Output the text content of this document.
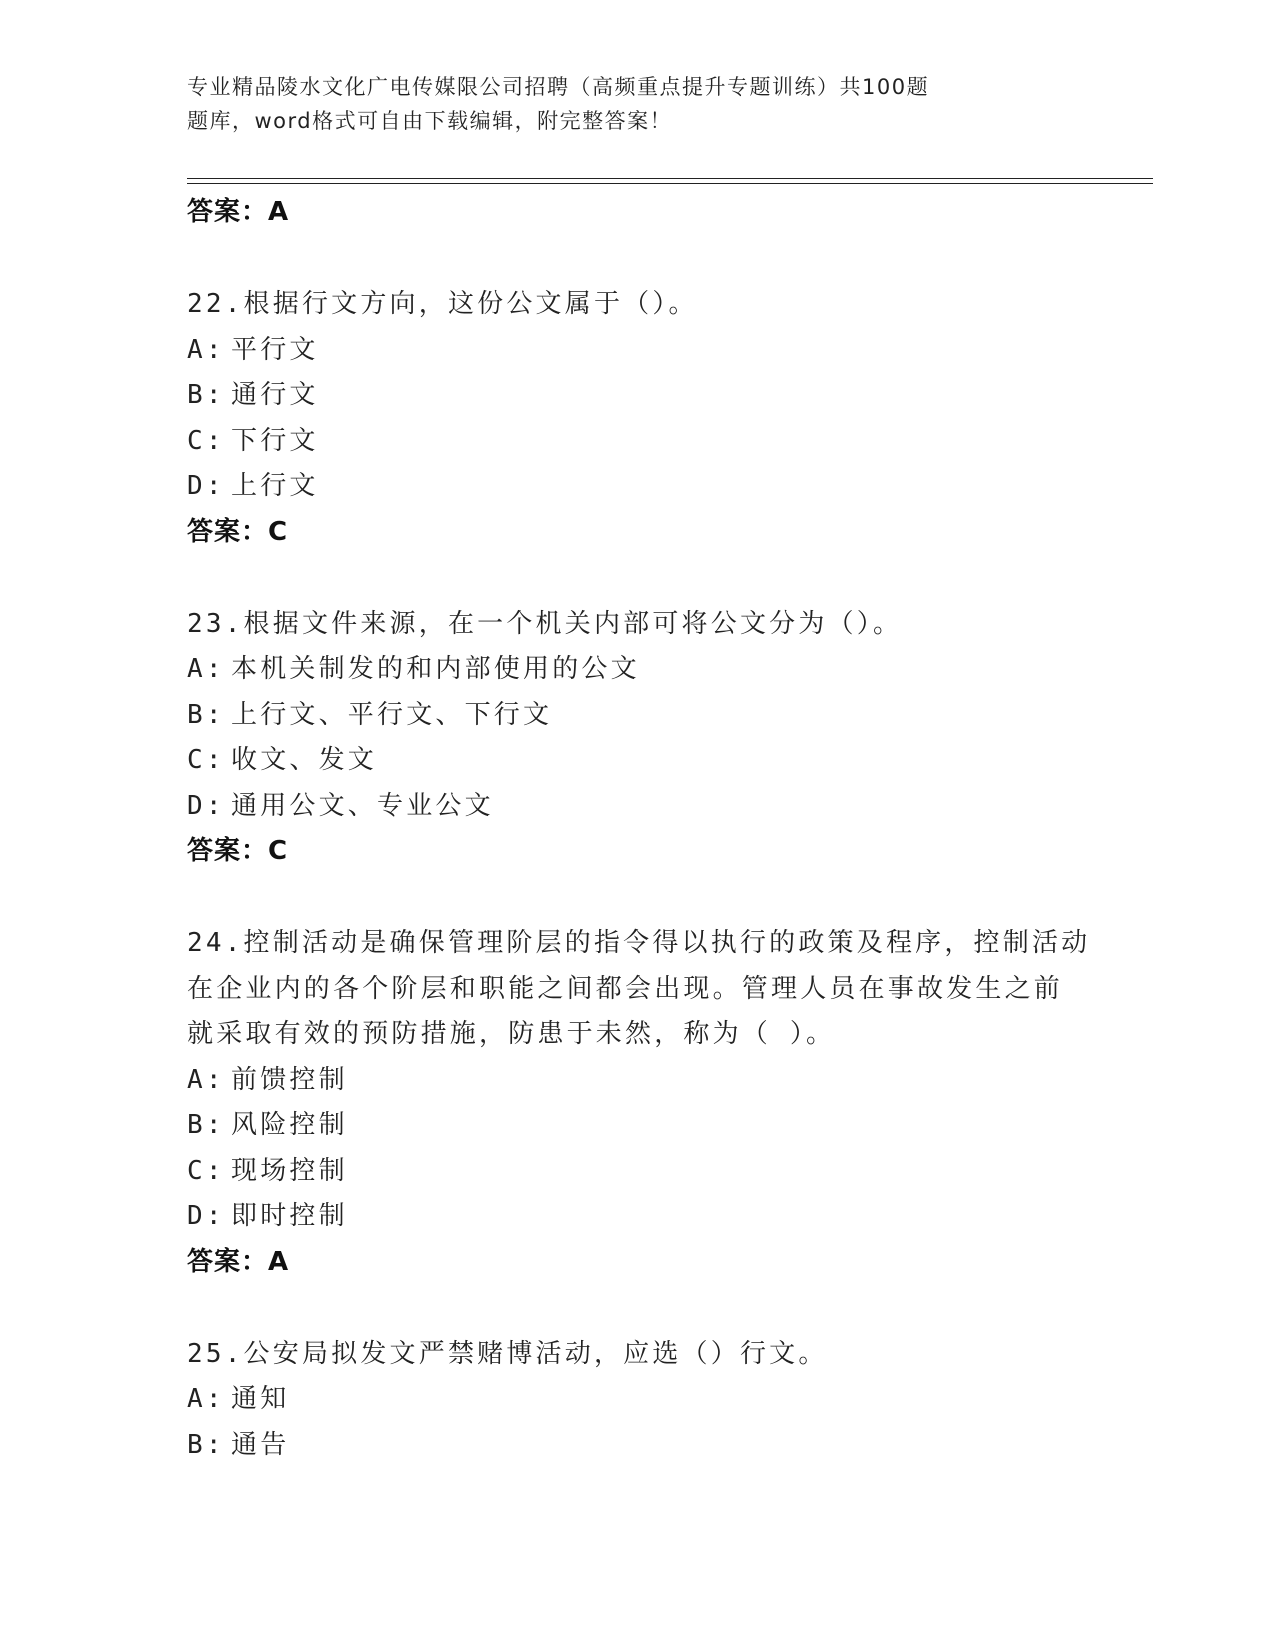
专业精品陵水文化广电传媒限公司招聘（高频重点提升专题训练）共100题
题库，word格式可自由下载编辑，附完整答案！
答案：A
22.根据行文方向，这份公文属于（）。
A: 平行文
B: 通行文
C: 下行文
D: 上行文
答案：C
23.根据文件来源，在一个机关内部可将公文分为（）。
A: 本机关制发的和内部使用的公文
B: 上行文、平行文、下行文
C: 收文、发文
D: 通用公文、专业公文
答案：C
24.控制活动是确保管理阶层的指令得以执行的政策及程序，控制活动
在企业内的各个阶层和职能之间都会出现。管理人员在事故发生之前
就采取有效的预防措施，防患于未然，称为（ ）。
A: 前馈控制
B: 风险控制
C: 现场控制
D: 即时控制
答案：A
25.公安局拟发文严禁赌博活动，应选（）行文。
A: 通知
B: 通告
